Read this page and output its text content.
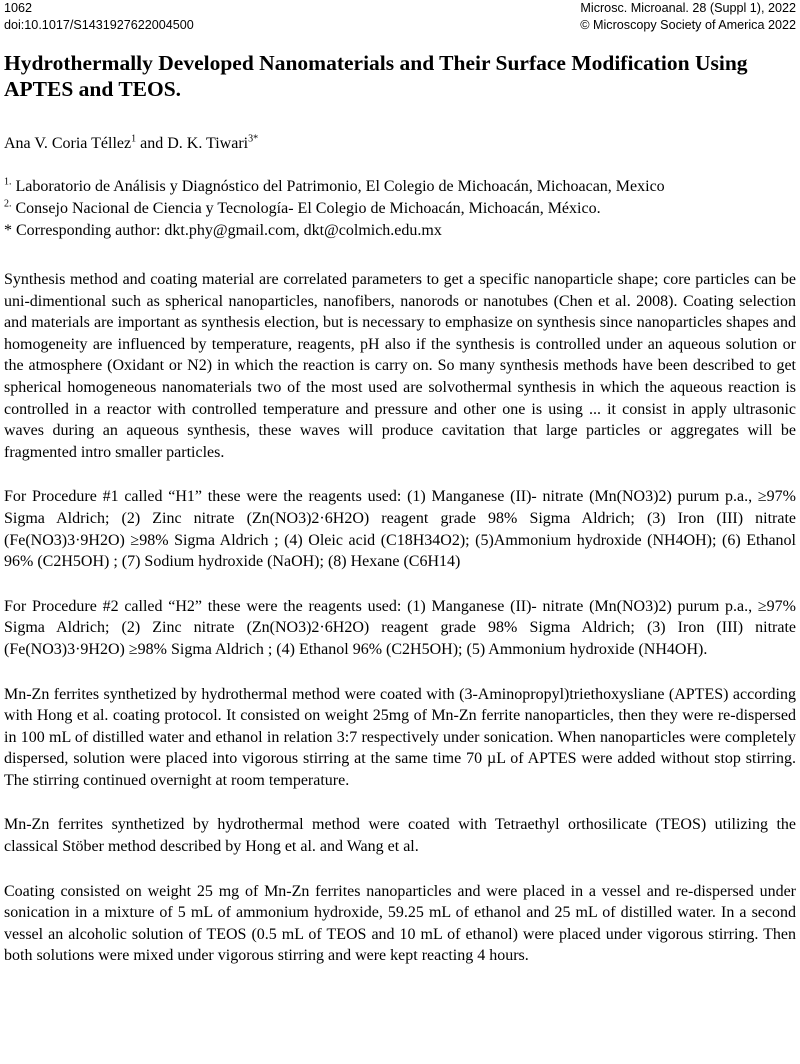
1062
doi:10.1017/S1431927622004500
Microsc. Microanal. 28 (Suppl 1), 2022
© Microscopy Society of America 2022
Hydrothermally Developed Nanomaterials and Their Surface Modification Using APTES and TEOS.
Ana V. Coria Téllez$^1$ and D. K. Tiwari$^{3*}$
$^{1.}$ Laboratorio de Análisis y Diagnóstico del Patrimonio, El Colegio de Michoacán, Michoacan, Mexico
$^{2.}$ Consejo Nacional de Ciencia y Tecnología- El Colegio de Michoacán, Michoacán, México.
* Corresponding author: dkt.phy@gmail.com, dkt@colmich.edu.mx

Synthesis method and coating material are correlated parameters to get a specific nanoparticle shape; core particles can be uni-dimentional such as spherical nanoparticles, nanofibers, nanorods or nanotubes (Chen et al. 2008). Coating selection and materials are important as synthesis election, but is necessary to emphasize on synthesis since nanoparticles shapes and homogeneity are influenced by temperature, reagents, pH also if the synthesis is controlled under an aqueous solution or the atmosphere (Oxidant or N2) in which the reaction is carry on. So many synthesis methods have been described to get spherical homogeneous nanomaterials two of the most used are solvothermal synthesis in which the aqueous reaction is controlled in a reactor with controlled temperature and pressure and other one is using ... it consist in apply ultrasonic waves during an aqueous synthesis, these waves will produce cavitation that large particles or aggregates will be fragmented intro smaller particles.

For Procedure #1 called “H1” these were the reagents used: (1) Manganese (II)- nitrate (Mn(NO3)2) purum p.a., ≥97% Sigma Aldrich; (2) Zinc nitrate (Zn(NO3)2·6H2O) reagent grade 98% Sigma Aldrich; (3) Iron (III) nitrate (Fe(NO3)3·9H2O) ≥98% Sigma Aldrich ; (4) Oleic acid (C18H34O2); (5)Ammonium hydroxide (NH4OH); (6) Ethanol 96% (C2H5OH) ; (7) Sodium hydroxide (NaOH); (8) Hexane (C6H14)

For Procedure #2 called “H2” these were the reagents used: (1) Manganese (II)- nitrate (Mn(NO3)2) purum p.a., ≥97% Sigma Aldrich; (2) Zinc nitrate (Zn(NO3)2·6H2O) reagent grade 98% Sigma Aldrich; (3) Iron (III) nitrate (Fe(NO3)3·9H2O) ≥98% Sigma Aldrich ; (4) Ethanol 96% (C2H5OH); (5) Ammonium hydroxide (NH4OH).

Mn-Zn ferrites synthetized by hydrothermal method were coated with (3-Aminopropyl)triethoxysliane (APTES) according with Hong et al. coating protocol. It consisted on weight 25mg of Mn-Zn ferrite nanoparticles, then they were re-dispersed in 100 mL of distilled water and ethanol in relation 3:7 respectively under sonication. When nanoparticles were completely dispersed, solution were placed into vigorous stirring at the same time 70 µL of APTES were added without stop stirring. The stirring continued overnight at room temperature.

Mn-Zn ferrites synthetized by hydrothermal method were coated with Tetraethyl orthosilicate (TEOS) utilizing the classical Stöber method described by Hong et al. and Wang et al.

Coating consisted on weight 25 mg of Mn-Zn ferrites nanoparticles and were placed in a vessel and re-dispersed under sonication in a mixture of 5 mL of ammonium hydroxide, 59.25 mL of ethanol and 25 mL of distilled water. In a second vessel an alcoholic solution of TEOS (0.5 mL of TEOS and 10 mL of ethanol) were placed under vigorous stirring. Then both solutions were mixed under vigorous stirring and were kept reacting 4 hours.
